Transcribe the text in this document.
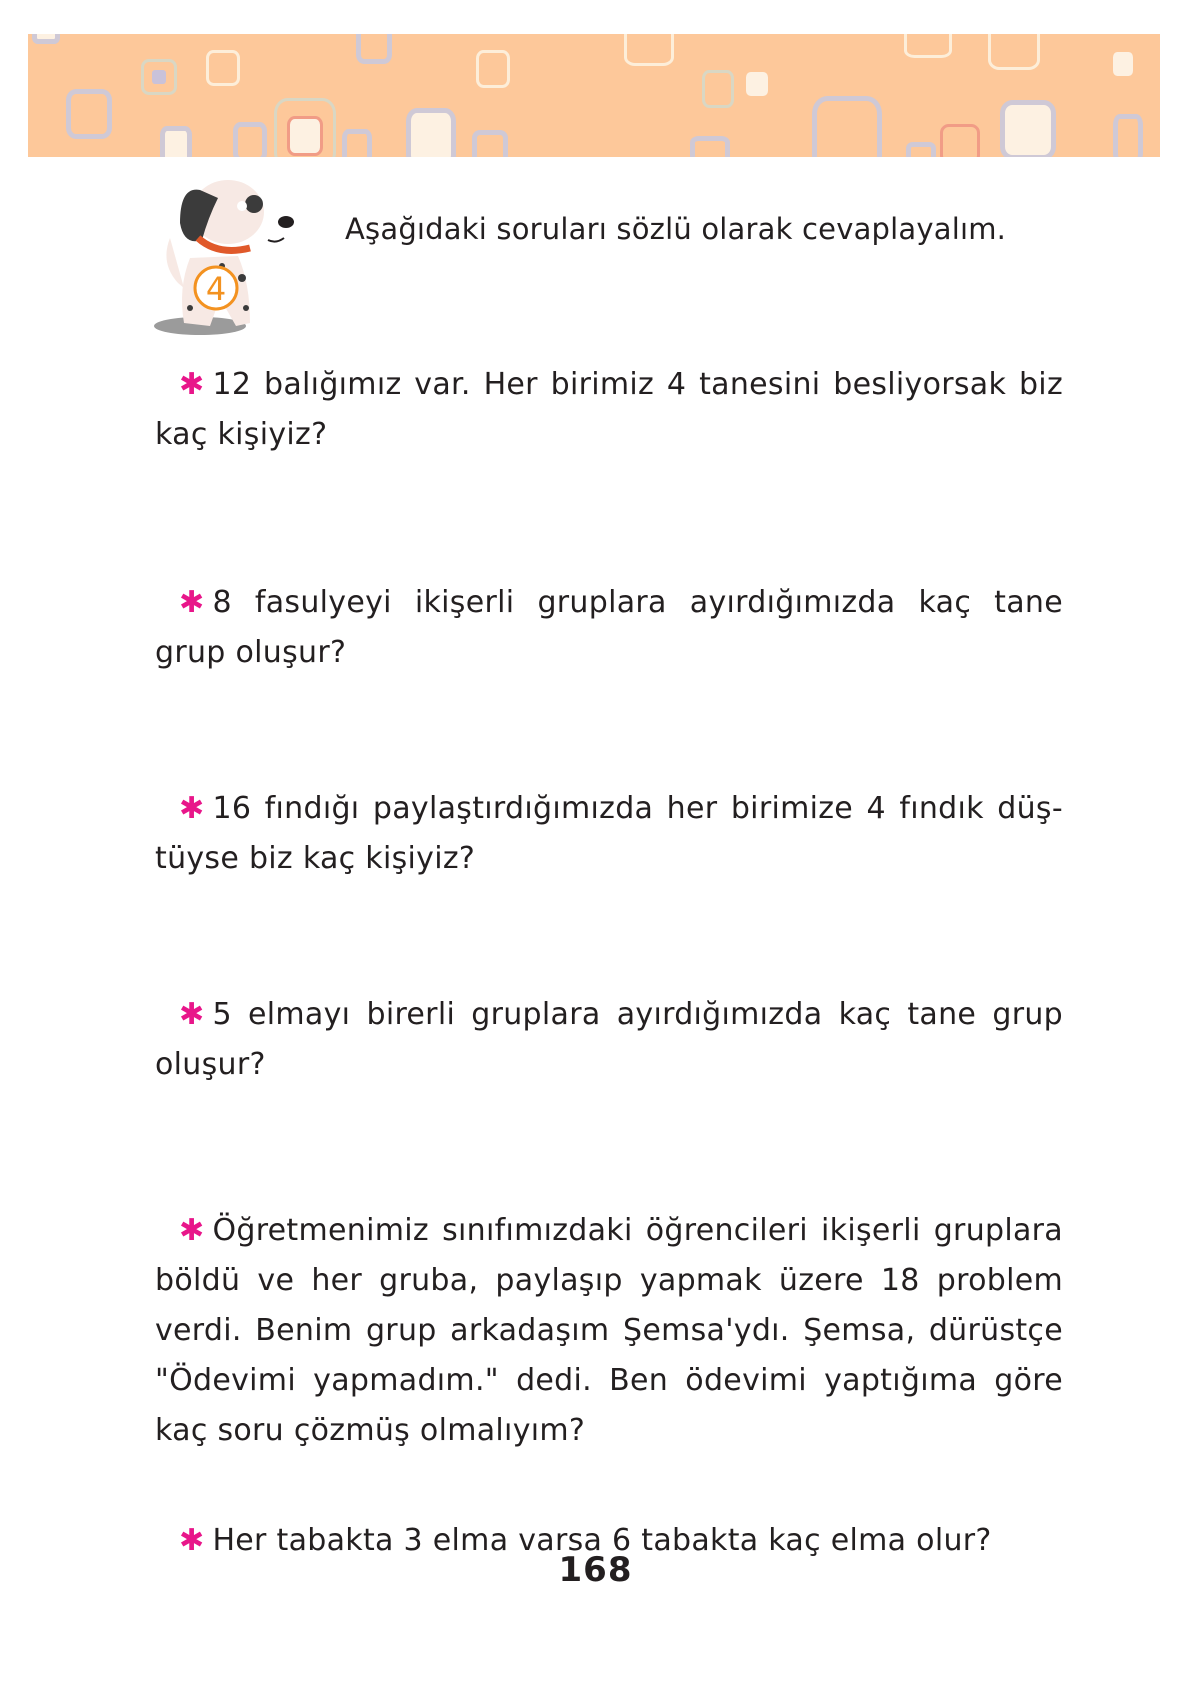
4
Aşağıdaki soruları sözlü olarak cevaplayalım.

✱ 12 balığımız var. Her birimiz 4 tanesini besliyorsak biz kaç kişiyiz?

✱ 8 fasulyeyi ikişerli gruplara ayırdığımızda kaç tane grup oluşur?

✱ 16 fındığı paylaştırdığımızda her birimize 4 fındık düş-tüyse biz kaç kişiyiz?

✱ 5 elmayı birerli gruplara ayırdığımızda kaç tane grup oluşur?

✱ Öğretmenimiz sınıfımızdaki öğrencileri ikişerli gruplara böldü ve her gruba, paylaşıp yapmak üzere 18 problem verdi. Benim grup arkadaşım Şemsa'ydı. Şemsa, dürüstçe "Ödevimi yapmadım." dedi. Ben ödevimi yaptığıma göre kaç soru çözmüş olmalıyım?

✱ Her tabakta 3 elma varsa 6 tabakta kaç elma olur?

168
